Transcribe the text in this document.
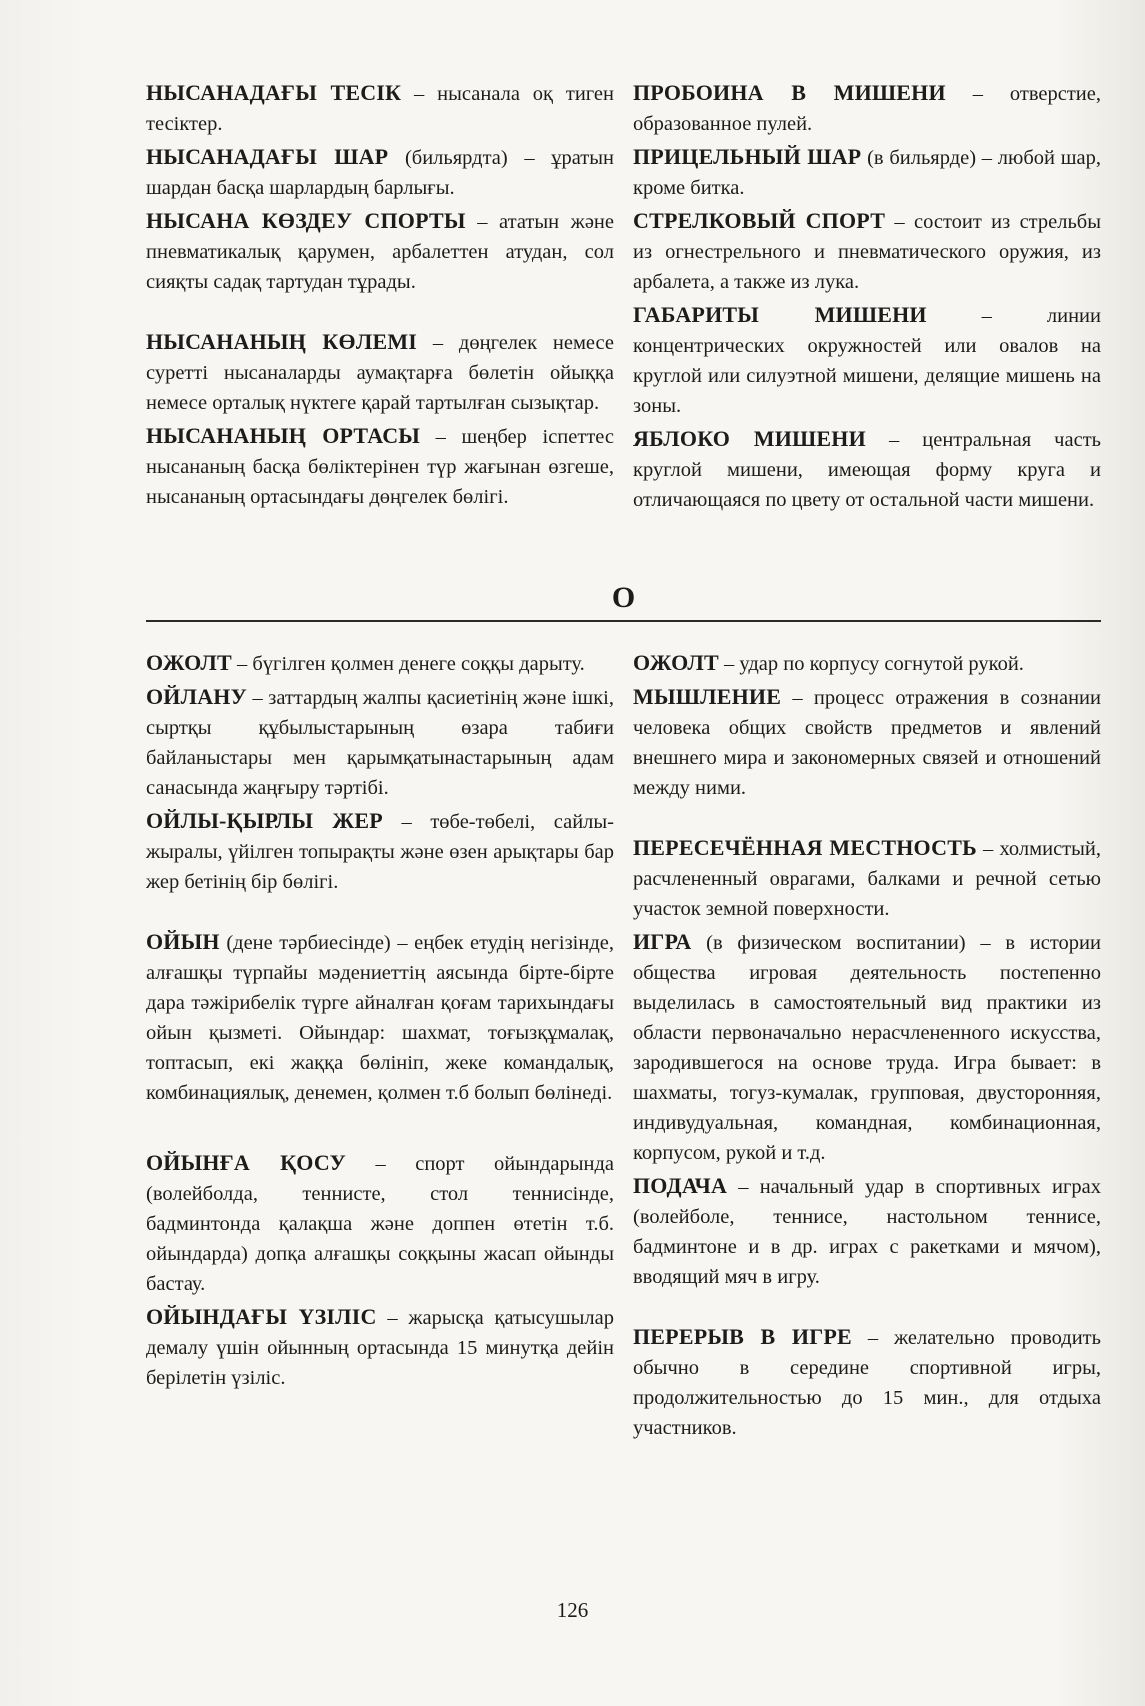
НЫСАНАДАҒЫ ТЕСІК – нысанала оқ тиген тесіктер.

НЫСАНАДАҒЫ ШАР (бильярдта) – ұратын шардан басқа шарлардың барлығы.

НЫСАНА КӨЗДЕУ СПОРТЫ – ататын және пневматикалық қарумен, арбалеттен атудан, сол сияқты садақ тартудан тұрады.

НЫСАНАНЫҢ КӨЛЕМІ – дөңгелек немесе суретті нысаналарды аумақтарға бөлетін ойыққа немесе орталық нүктеге қарай тартылған сызықтар.

НЫСАНАНЫҢ ОРТАСЫ – шеңбер іспеттес нысананың басқа бөліктерінен түр жағынан өзгеше, нысананың ортасындағы дөңгелек бөлігі.

ПРОБОИНА В МИШЕНИ – отверстие, образованное пулей.

ПРИЦЕЛЬНЫЙ ШАР (в бильярде) – любой шар, кроме битка.

СТРЕЛКОВЫЙ СПОРТ – состоит из стрельбы из огнестрельного и пневматического оружия, из арбалета, а также из лука.

ГАБАРИТЫ МИШЕНИ – линии концентрических окружностей или овалов на круглой или силуэтной мишени, делящие мишень на зоны.

ЯБЛОКО МИШЕНИ – центральная часть круглой мишени, имеющая форму круга и отличающаяся по цвету от остальной части мишени.

О

ОЖОЛТ – бүгілген қолмен денеге соққы дарыту.

ОЙЛАНУ – заттардың жалпы қасиетінің және ішкі, сыртқы құбылыстарының өзара табиғи байланыстары мен қарымқатынастарының адам санасында жаңғыру тәртібі.

ОЙЛЫ-ҚЫРЛЫ ЖЕР – төбе-төбелі, сайлы-жыралы, үйілген топырақты және өзен арықтары бар жер бетінің бір бөлігі.

ОЙЫН (дене тәрбиесінде) – еңбек етудің негізінде, алғашқы түрпайы мәдениеттің аясында бірте-бірте дара тәжірибелік түрге айналған қоғам тарихындағы ойын қызметі. Ойындар: шахмат, тоғызқұмалақ, топтасып, екі жаққа бөлініп, жеке командалық, комбинациялық, денемен, қолмен т.б болып бөлінеді.

ОЙЫНҒА ҚОСУ – спорт ойындарында (волейболда, теннисте, стол теннисінде, бадминтонда қалақша және доппен өтетін т.б. ойындарда) допқа алғашқы соққыны жасап ойынды бастау.

ОЙЫНДАҒЫ ҮЗІЛІС – жарысқа қатысушылар демалу үшін ойынның ортасында 15 минутқа дейін берілетін үзіліс.

ОЖОЛТ – удар по корпусу согнутой рукой.

МЫШЛЕНИЕ – процесс отражения в сознании человека общих свойств предметов и явлений внешнего мира и закономерных связей и отношений между ними.

ПЕРЕСЕЧЁННАЯ МЕСТНОСТЬ – холмистый, расчлененный оврагами, балками и речной сетью участок земной поверхности.

ИГРА (в физическом воспитании) – в истории общества игровая деятельность постепенно выделилась в самостоятельный вид практики из области первоначально нерасчлененного искусства, зародившегося на основе труда. Игра бывает: в шахматы, тогуз-кумалак, групповая, двусторонняя, индивудуальная, командная, комбинационная, корпусом, рукой и т.д.

ПОДАЧА – начальный удар в спортивных играх (волейболе, теннисе, настольном теннисе, бадминтоне и в др. играх с ракетками и мячом), вводящий мяч в игру.

ПЕРЕРЫВ В ИГРЕ – желательно проводить обычно в середине спортивной игры, продолжительностью до 15 мин., для отдыха участников.

126
